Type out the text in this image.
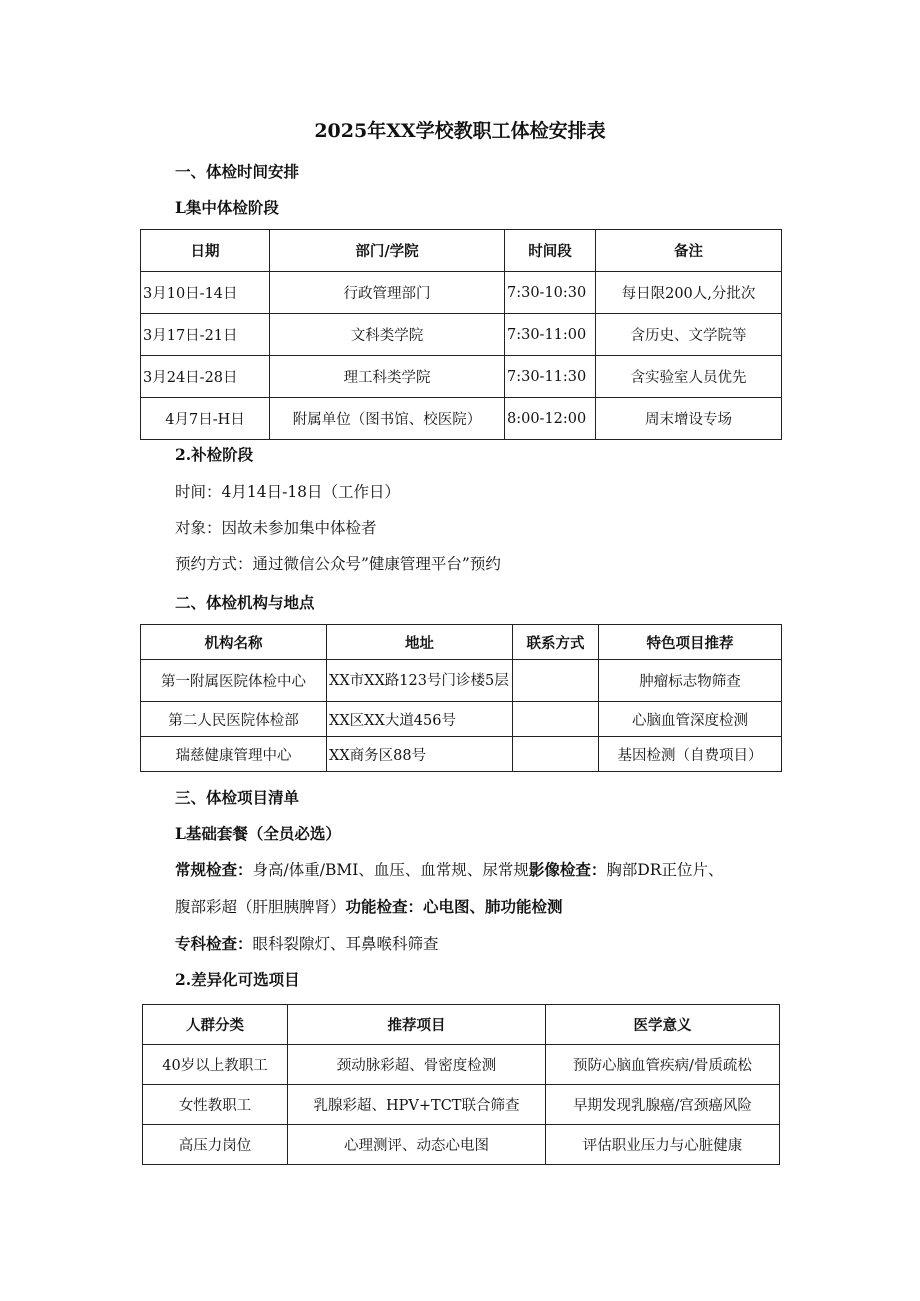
2025年XX学校教职工体检安排表
一、体检时间安排
L集中体检阶段
日期	部门/学院	时间段	备注
3月10日-14日	行政管理部门	7:30-10:30	每日限200人,分批次
3月17日-21日	文科类学院	7:30-11:00	含历史、文学院等
3月24日-28日	理工科类学院	7:30-11:30	含实验室人员优先
4月7日-H日	附属单位（图书馆、校医院）	8:00-12:00	周末增设专场
2.补检阶段
时间：4月14日-18日（工作日）
对象：因故未参加集中体检者
预约方式：通过微信公众号”健康管理平台”预约
二、体检机构与地点
机构名称	地址	联系方式	特色项目推荐
第一附属医院体检中心	XX市XX路123号门诊楼5层		肿瘤标志物筛查
第二人民医院体检部	XX区XX大道456号		心脑血管深度检测
瑞慈健康管理中心	XX商务区88号		基因检测（自费项目）
三、体检项目清单
L基础套餐（全员必选）
常规检查：身高/体重/BMI、血压、血常规、尿常规影像检查：胸部DR正位片、
腹部彩超（肝胆胰脾肾）功能检查：心电图、肺功能检测
专科检查：眼科裂隙灯、耳鼻喉科筛查
2.差异化可选项目
人群分类	推荐项目	医学意义
40岁以上教职工	颈动脉彩超、骨密度检测	预防心脑血管疾病/骨质疏松
女性教职工	乳腺彩超、HPV+TCT联合筛查	早期发现乳腺癌/宫颈癌风险
高压力岗位	心理测评、动态心电图	评估职业压力与心脏健康
